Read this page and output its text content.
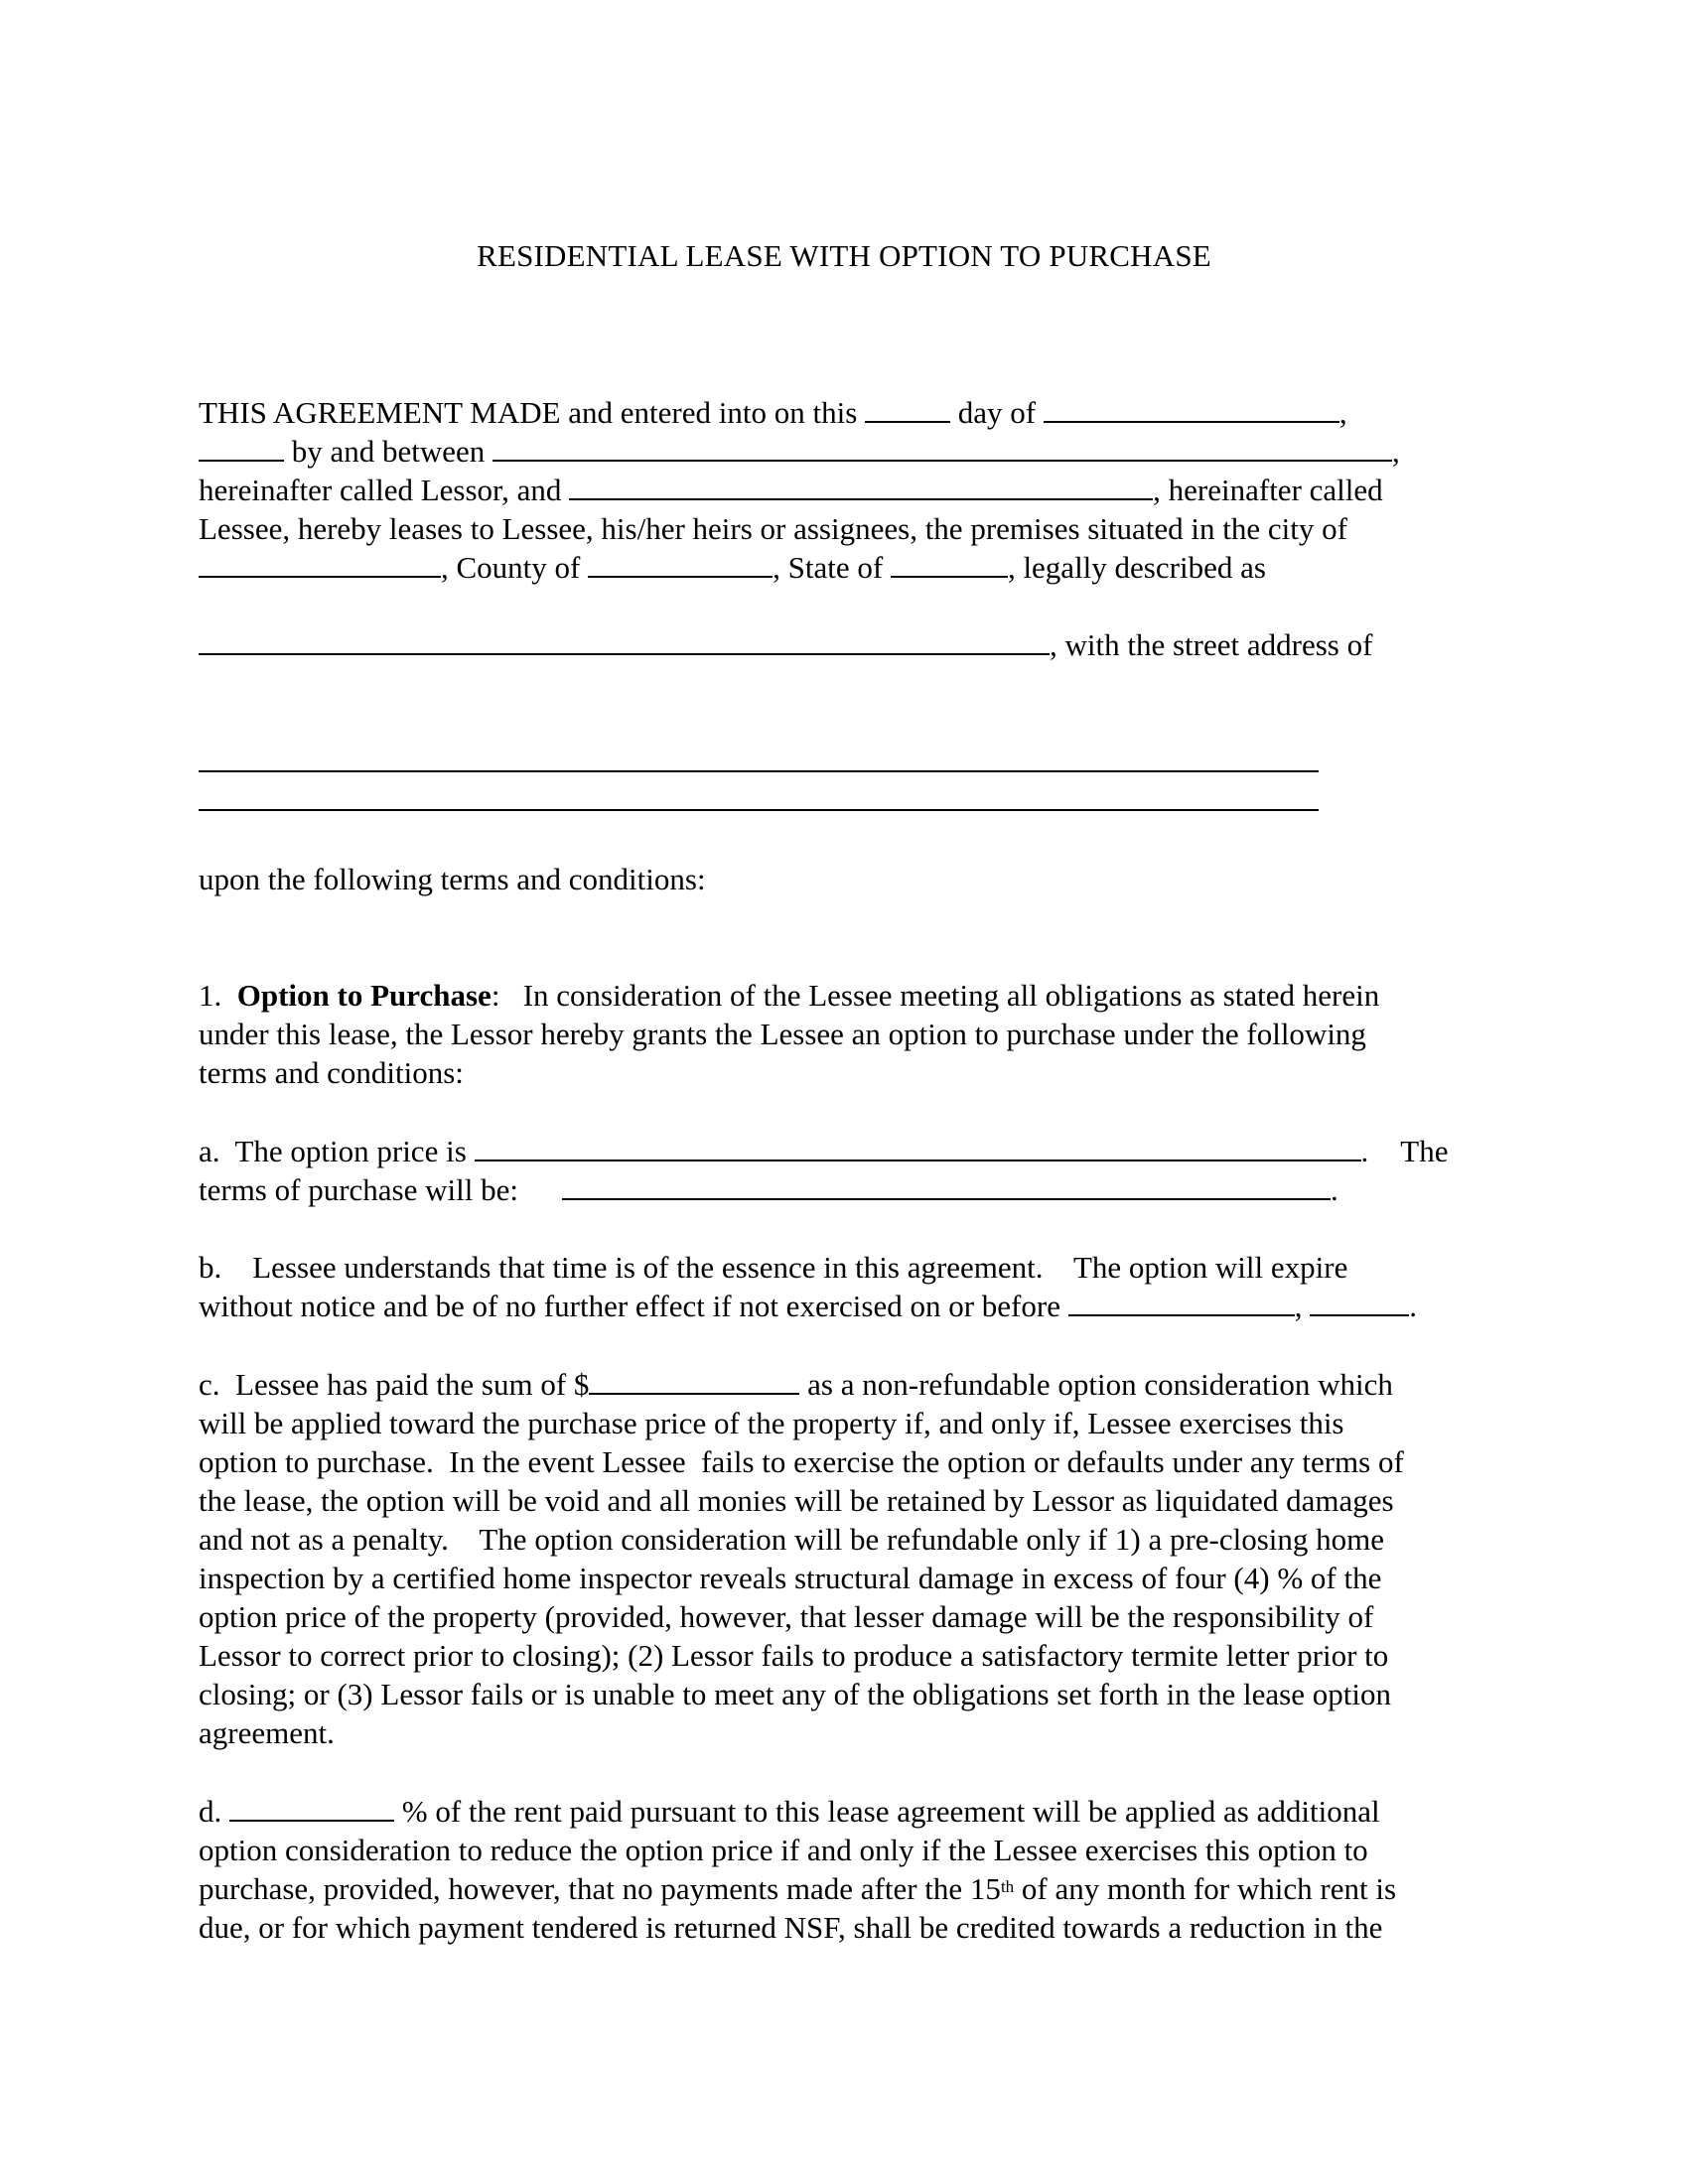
RESIDENTIAL LEASE WITH OPTION TO PURCHASE
THIS AGREEMENT MADE and entered into on this	day of	,
by and between	,
hereinafter called Lessor, and	, hereinafter called
Lessee, hereby leases to Lessee, his/her heirs or assignees, the premises situated in the city of
, County of	, State of	, legally described as
, with the street address of
upon the following terms and conditions:
1. Option to Purchase:   In consideration of the Lessee meeting all obligations as stated herein
under this lease, the Lessor hereby grants the Lessee an option to purchase under the following
terms and conditions:
a.  The option price is	. The
terms of purchase will be:	.
b.    Lessee understands that time is of the essence in this agreement.    The option will expire
without notice and be of no further effect if not exercised on or before	,	.
c.  Lessee has paid the sum of $	as a non-refundable option consideration which
will be applied toward the purchase price of the property if, and only if, Lessee exercises this
option to purchase.  In the event Lessee  fails to exercise the option or defaults under any terms of
the lease, the option will be void and all monies will be retained by Lessor as liquidated damages
and not as a penalty.    The option consideration will be refundable only if 1) a pre-closing home
inspection by a certified home inspector reveals structural damage in excess of four (4) % of the
option price of the property (provided, however, that lesser damage will be the responsibility of
Lessor to correct prior to closing); (2) Lessor fails to produce a satisfactory termite letter prior to
closing; or (3) Lessor fails or is unable to meet any of the obligations set forth in the lease option
agreement.
d.	% of the rent paid pursuant to this lease agreement will be applied as additional
option consideration to reduce the option price if and only if the Lessee exercises this option to
purchase, provided, however, that no payments made after the 15th of any month for which rent is
due, or for which payment tendered is returned NSF, shall be credited towards a reduction in the
